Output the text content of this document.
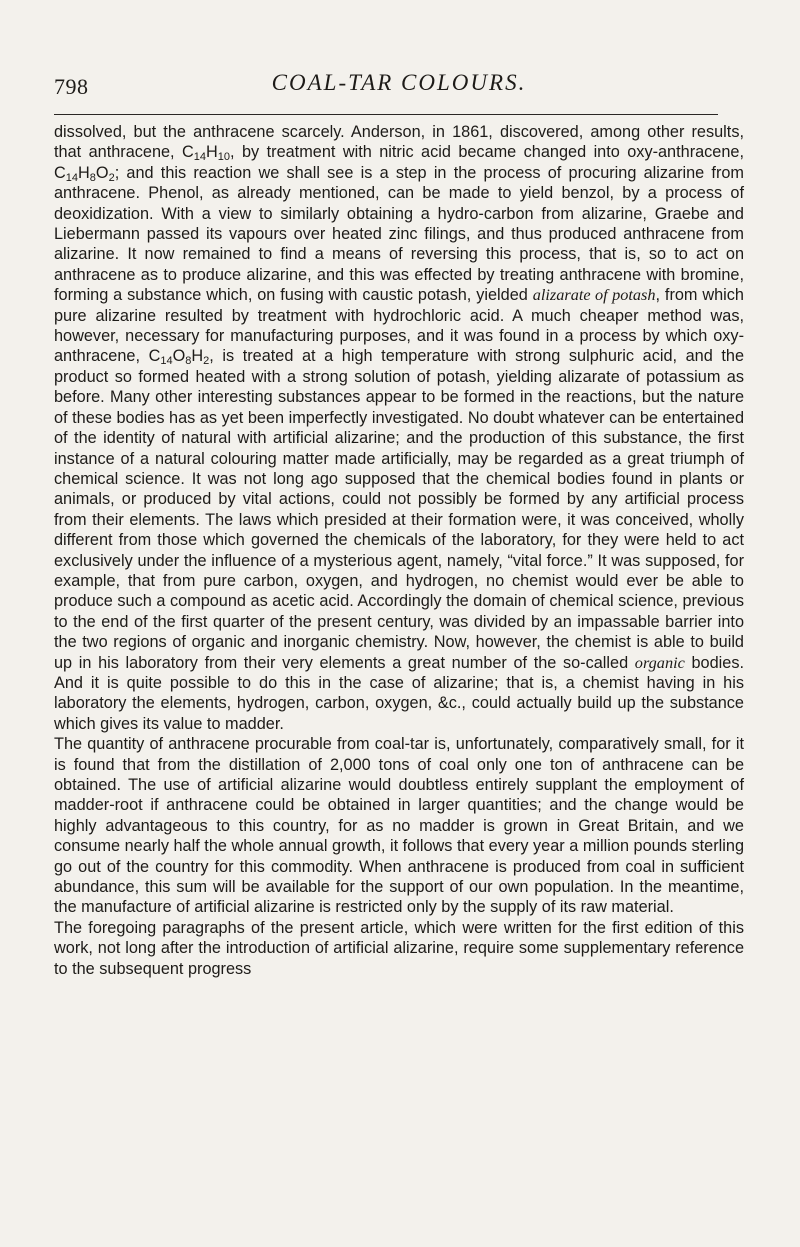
798	COAL-TAR COLOURS.

dissolved, but the anthracene scarcely. Anderson, in 1861, discovered, among other results, that anthracene, $C_{14}H_{10}$, by treatment with nitric acid became changed into oxy-anthracene, $C_{14}H_8O_2$; and this reaction we shall see is a step in the process of procuring alizarine from anthracene. Phenol, as already mentioned, can be made to yield benzol, by a process of deoxidization. With a view to similarly obtaining a hydro-carbon from alizarine, Graebe and Liebermann passed its vapours over heated zinc filings, and thus produced anthracene from alizarine. It now remained to find a means of reversing this process, that is, so to act on anthracene as to produce alizarine, and this was effected by treating anthracene with bromine, forming a substance which, on fusing with caustic potash, yielded alizarate of potash, from which pure alizarine resulted by treatment with hydrochloric acid. A much cheaper method was, however, necessary for manufacturing purposes, and it was found in a process by which oxy-anthracene, $C_{14}O_8H_2$, is treated at a high temperature with strong sulphuric acid, and the product so formed heated with a strong solution of potash, yielding alizarate of potassium as before. Many other interesting substances appear to be formed in the reactions, but the nature of these bodies has as yet been imperfectly investigated. No doubt whatever can be entertained of the identity of natural with artificial alizarine; and the production of this substance, the first instance of a natural colouring matter made artificially, may be regarded as a great triumph of chemical science. It was not long ago supposed that the chemical bodies found in plants or animals, or produced by vital actions, could not possibly be formed by any artificial process from their elements. The laws which presided at their formation were, it was conceived, wholly different from those which governed the chemicals of the laboratory, for they were held to act exclusively under the influence of a mysterious agent, namely, “vital force.” It was supposed, for example, that from pure carbon, oxygen, and hydrogen, no chemist would ever be able to produce such a compound as acetic acid. Accordingly the domain of chemical science, previous to the end of the first quarter of the present century, was divided by an impassable barrier into the two regions of organic and inorganic chemistry. Now, however, the chemist is able to build up in his laboratory from their very elements a great number of the so-called organic bodies. And it is quite possible to do this in the case of alizarine; that is, a chemist having in his laboratory the elements, hydrogen, carbon, oxygen, &c., could actually build up the substance which gives its value to madder.

The quantity of anthracene procurable from coal-tar is, unfortunately, comparatively small, for it is found that from the distillation of 2,000 tons of coal only one ton of anthracene can be obtained. The use of artificial alizarine would doubtless entirely supplant the employment of madder-root if anthracene could be obtained in larger quantities; and the change would be highly advantageous to this country, for as no madder is grown in Great Britain, and we consume nearly half the whole annual growth, it follows that every year a million pounds sterling go out of the country for this commodity. When anthracene is produced from coal in sufficient abundance, this sum will be available for the support of our own population. In the meantime, the manufacture of artificial alizarine is restricted only by the supply of its raw material.

The foregoing paragraphs of the present article, which were written for the first edition of this work, not long after the introduction of artificial alizarine, require some supplementary reference to the subsequent progress
